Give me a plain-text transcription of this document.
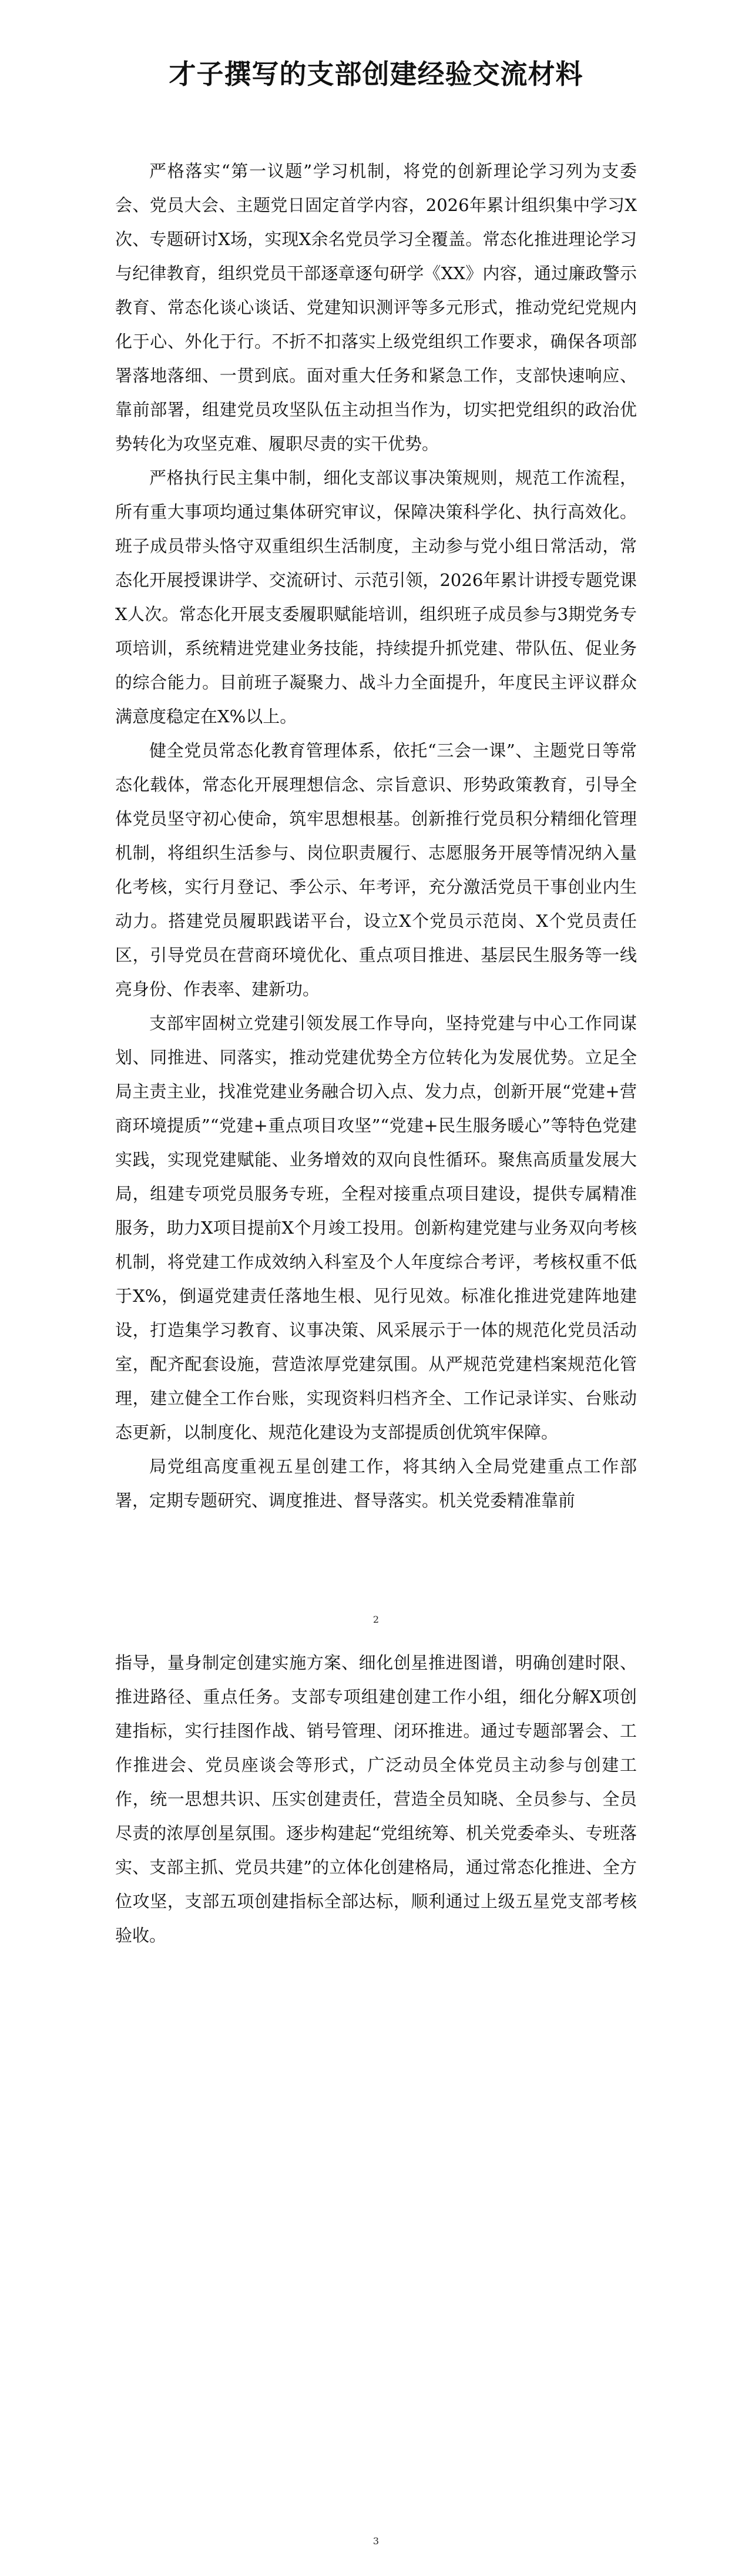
才子撰写的支部创建经验交流材料

严格落实“第一议题”学习机制，将党的创新理论学习列为支委会、党员大会、主题党日固定首学内容，2026年累计组织集中学习X次、专题研讨X场，实现X余名党员学习全覆盖。常态化推进理论学习与纪律教育，组织党员干部逐章逐句研学《XX》内容，通过廉政警示教育、常态化谈心谈话、党建知识测评等多元形式，推动党纪党规内化于心、外化于行。不折不扣落实上级党组织工作要求，确保各项部署落地落细、一贯到底。面对重大任务和紧急工作，支部快速响应、靠前部署，组建党员攻坚队伍主动担当作为，切实把党组织的政治优势转化为攻坚克难、履职尽责的实干优势。

严格执行民主集中制，细化支部议事决策规则，规范工作流程，所有重大事项均通过集体研究审议，保障决策科学化、执行高效化。班子成员带头恪守双重组织生活制度，主动参与党小组日常活动，常态化开展授课讲学、交流研讨、示范引领，2026年累计讲授专题党课X人次。常态化开展支委履职赋能培训，组织班子成员参与3期党务专项培训，系统精进党建业务技能，持续提升抓党建、带队伍、促业务的综合能力。目前班子凝聚力、战斗力全面提升，年度民主评议群众满意度稳定在X%以上。

健全党员常态化教育管理体系，依托“三会一课”、主题党日等常态化载体，常态化开展理想信念、宗旨意识、形势政策教育，引导全体党员坚守初心使命，筑牢思想根基。创新推行党员积分精细化管理机制，将组织生活参与、岗位职责履行、志愿服务开展等情况纳入量化考核，实行月登记、季公示、年考评，充分激活党员干事创业内生动力。搭建党员履职践诺平台，设立X个党员示范岗、X个党员责任区，引导党员在营商环境优化、重点项目推进、基层民生服务等一线亮身份、作表率、建新功。

支部牢固树立党建引领发展工作导向，坚持党建与中心工作同谋划、同推进、同落实，推动党建优势全方位转化为发展优势。立足全局主责主业，找准党建业务融合切入点、发力点，创新开展“党建+营商环境提质”“党建+重点项目攻坚”“党建+民生服务暖心”等特色党建实践，实现党建赋能、业务增效的双向良性循环。聚焦高质量发展大局，组建专项党员服务专班，全程对接重点项目建设，提供专属精准服务，助力X项目提前X个月竣工投用。创新构建党建与业务双向考核机制，将党建工作成效纳入科室及个人年度综合考评，考核权重不低于X%，倒逼党建责任落地生根、见行见效。标准化推进党建阵地建设，打造集学习教育、议事决策、风采展示于一体的规范化党员活动室，配齐配套设施，营造浓厚党建氛围。从严规范党建档案规范化管理，建立健全工作台账，实现资料归档齐全、工作记录详实、台账动态更新，以制度化、规范化建设为支部提质创优筑牢保障。

局党组高度重视五星创建工作，将其纳入全局党建重点工作部署，定期专题研究、调度推进、督导落实。机关党委精准靠前

2

指导，量身制定创建实施方案、细化创星推进图谱，明确创建时限、推进路径、重点任务。支部专项组建创建工作小组，细化分解X项创建指标，实行挂图作战、销号管理、闭环推进。通过专题部署会、工作推进会、党员座谈会等形式，广泛动员全体党员主动参与创建工作，统一思想共识、压实创建责任，营造全员知晓、全员参与、全员尽责的浓厚创星氛围。逐步构建起“党组统筹、机关党委牵头、专班落实、支部主抓、党员共建”的立体化创建格局，通过常态化推进、全方位攻坚，支部五项创建指标全部达标，顺利通过上级五星党支部考核验收。

3
